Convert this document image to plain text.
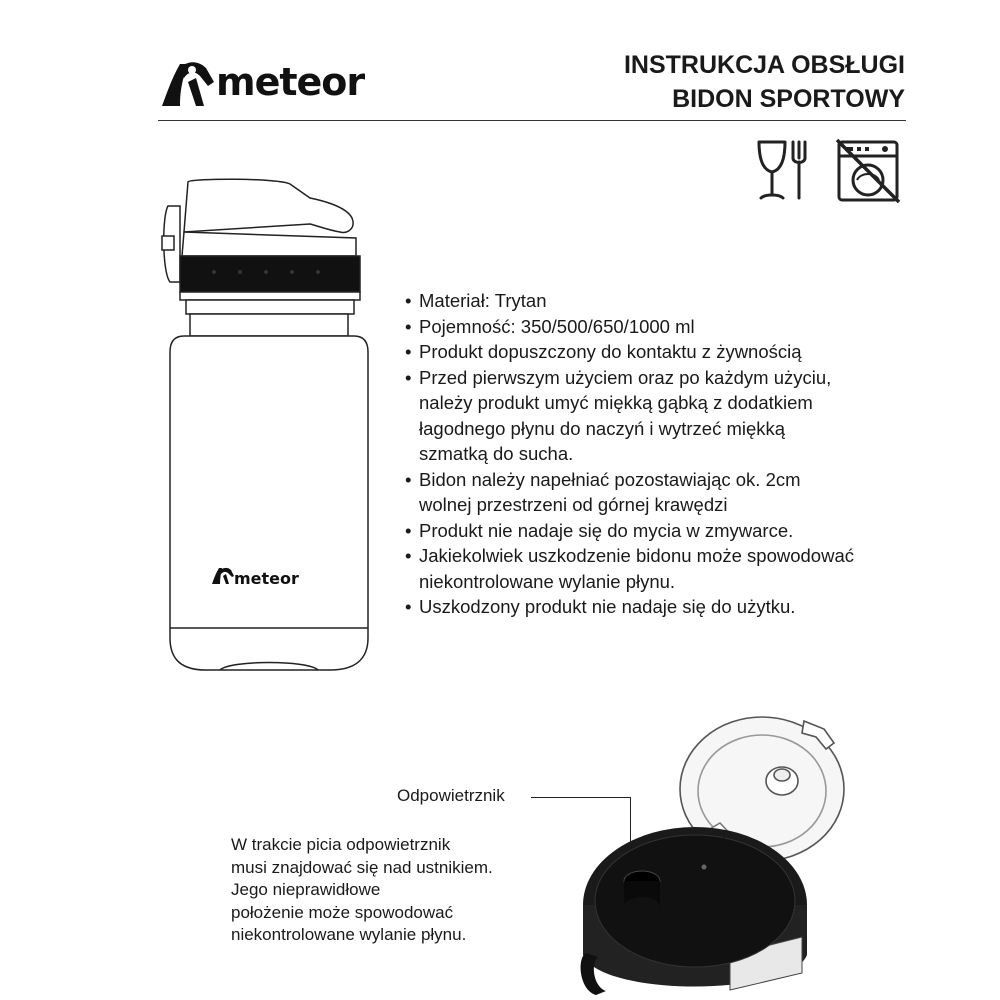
meteor	INSTRUKCJA OBSŁUGI
BIDON SPORTOWY
meteor
• Materiał: Trytan
• Pojemność: 350/500/650/1000 ml
• Produkt dopuszczony do kontaktu z żywnością
• Przed pierwszym użyciem oraz po każdym użyciu,
należy produkt umyć miękką gąbką z dodatkiem
łagodnego płynu do naczyń i wytrzeć miękką
szmatką do sucha.
• Bidon należy napełniać pozostawiając ok. 2cm
wolnej przestrzeni od górnej krawędzi
• Produkt nie nadaje się do mycia w zmywarce.
• Jakiekolwiek uszkodzenie bidonu może spowodować
niekontrolowane wylanie płynu.
• Uszkodzony produkt nie nadaje się do użytku.
Odpowietrznik
W trakcie picia odpowietrznik
musi znajdować się nad ustnikiem.
Jego nieprawidłowe
położenie może spowodować
niekontrolowane wylanie płynu.
